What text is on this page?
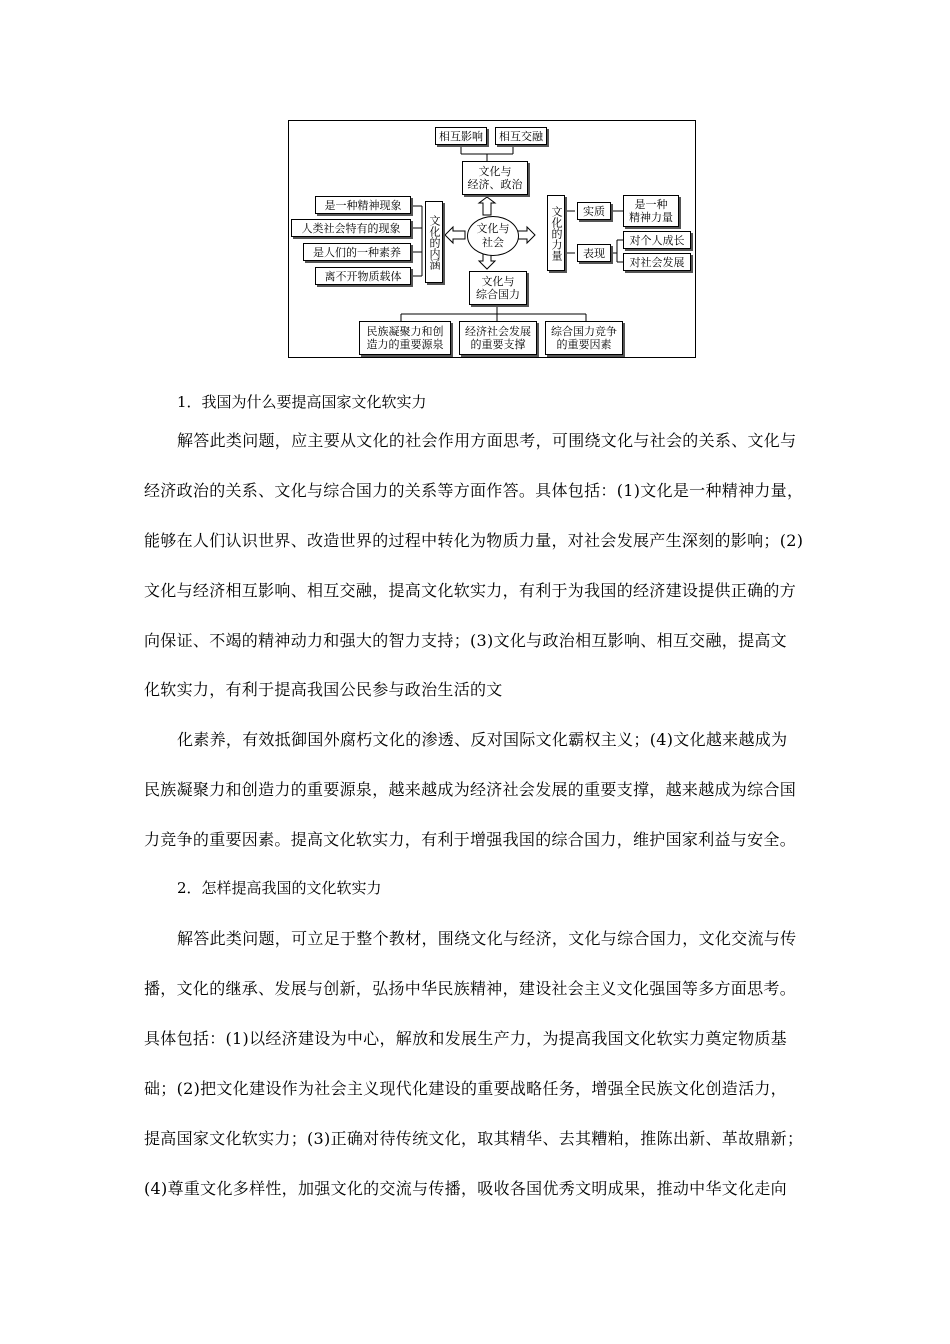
相互影响	相互交融
文化与
经济、政治
文化与
社会
文化与
综合国力
是一种精神现象
人类社会特有的现象
是人们的一种素养
离不开物质载体
文化的内涵	文化的力量	实质	是一种
精神力量
表现
对个人成长
对社会发展
民族凝聚力和创
造力的重要源泉
经济社会发展
的重要支撑
综合国力竞争
的重要因素
1．我国为什么要提高国家文化软实力
解答此类问题，应主要从文化的社会作用方面思考，可围绕文化与社会的关系、文化与
经济政治的关系、文化与综合国力的关系等方面作答。具体包括：(1)文化是一种精神力量，
能够在人们认识世界、改造世界的过程中转化为物质力量，对社会发展产生深刻的影响；(2)
文化与经济相互影响、相互交融，提高文化软实力，有利于为我国的经济建设提供正确的方
向保证、不竭的精神动力和强大的智力支持；(3)文化与政治相互影响、相互交融，提高文
化软实力，有利于提高我国公民参与政治生活的文
化素养，有效抵御国外腐朽文化的渗透、反对国际文化霸权主义；(4)文化越来越成为
民族凝聚力和创造力的重要源泉，越来越成为经济社会发展的重要支撑，越来越成为综合国
力竞争的重要因素。提高文化软实力，有利于增强我国的综合国力，维护国家利益与安全。
2．怎样提高我国的文化软实力
解答此类问题，可立足于整个教材，围绕文化与经济，文化与综合国力，文化交流与传
播，文化的继承、发展与创新，弘扬中华民族精神，建设社会主义文化强国等多方面思考。
具体包括：(1)以经济建设为中心，解放和发展生产力，为提高我国文化软实力奠定物质基
础；(2)把文化建设作为社会主义现代化建设的重要战略任务，增强全民族文化创造活力，
提高国家文化软实力；(3)正确对待传统文化，取其精华、去其糟粕，推陈出新、革故鼎新；
(4)尊重文化多样性，加强文化的交流与传播，吸收各国优秀文明成果，推动中华文化走向
